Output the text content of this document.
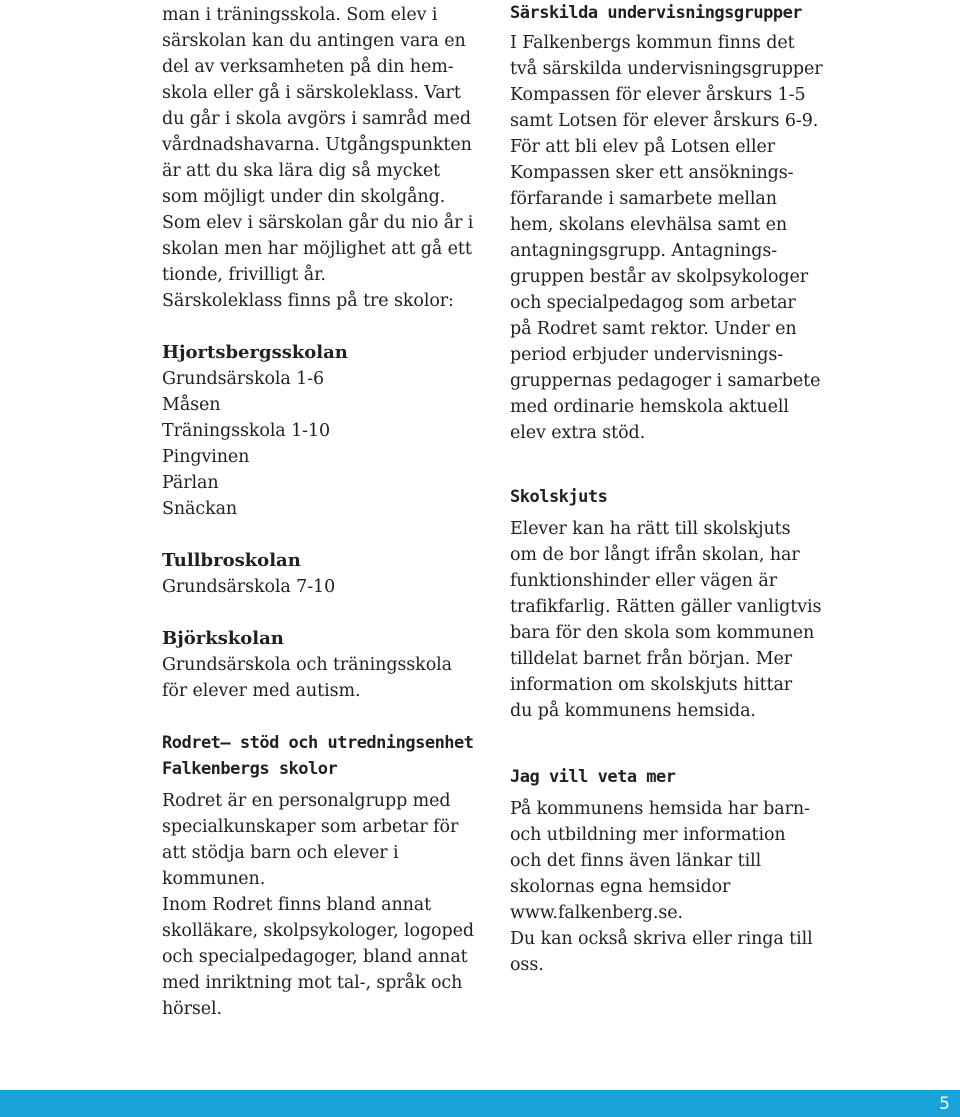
man i träningsskola. Som elev i
särskolan kan du antingen vara en
del av verksamheten på din hem-
skola eller gå i särskoleklass. Vart
du går i skola avgörs i samråd med
vårdnadshavarna. Utgångspunkten
är att du ska lära dig så mycket
som möjligt under din skolgång.
Som elev i särskolan går du nio år i
skolan men har möjlighet att gå ett
tionde, frivilligt år.
Särskoleklass finns på tre skolor:

Hjortsbergsskolan

Grundsärskola 1-6
Måsen
Träningsskola 1-10
Pingvinen
Pärlan
Snäckan

Tullbroskolan

Grundsärskola 7-10

Björkskolan

Grundsärskola och träningsskola
för elever med autism.

Rodret– stöd och utredningsenhet
Falkenbergs skolor

Rodret är en personalgrupp med
specialkunskaper som arbetar för
att stödja barn och elever i kommunen.
Inom Rodret finns bland annat
skolläkare, skolpsykologer, logoped
och specialpedagoger, bland annat
med inriktning mot tal-, språk och
hörsel.

Särskilda undervisningsgrupper

I Falkenbergs kommun finns det
två särskilda undervisningsgrupper
Kompassen för elever årskurs 1-5
samt Lotsen för elever årskurs 6-9.
För att bli elev på Lotsen eller
Kompassen sker ett ansöknings-
förfarande i samarbete mellan
hem, skolans elevhälsa samt en
antagningsgrupp. Antagnings-
gruppen består av skolpsykologer
och specialpedagog som arbetar
på Rodret samt rektor. Under en
period erbjuder undervisnings-
gruppernas pedagoger i samarbete
med ordinarie hemskola aktuell
elev extra stöd.

Skolskjuts

Elever kan ha rätt till skolskjuts
om de bor långt ifrån skolan, har
funktionshinder eller vägen är
trafikfarlig. Rätten gäller vanligtvis
bara för den skola som kommunen
tilldelat barnet från början. Mer
information om skolskjuts hittar
du på kommunens hemsida.

Jag vill veta mer

På kommunens hemsida har barn-
och utbildning mer information
och det finns även länkar till
skolornas egna hemsidor
www.falkenberg.se.
Du kan också skriva eller ringa till oss.

5
